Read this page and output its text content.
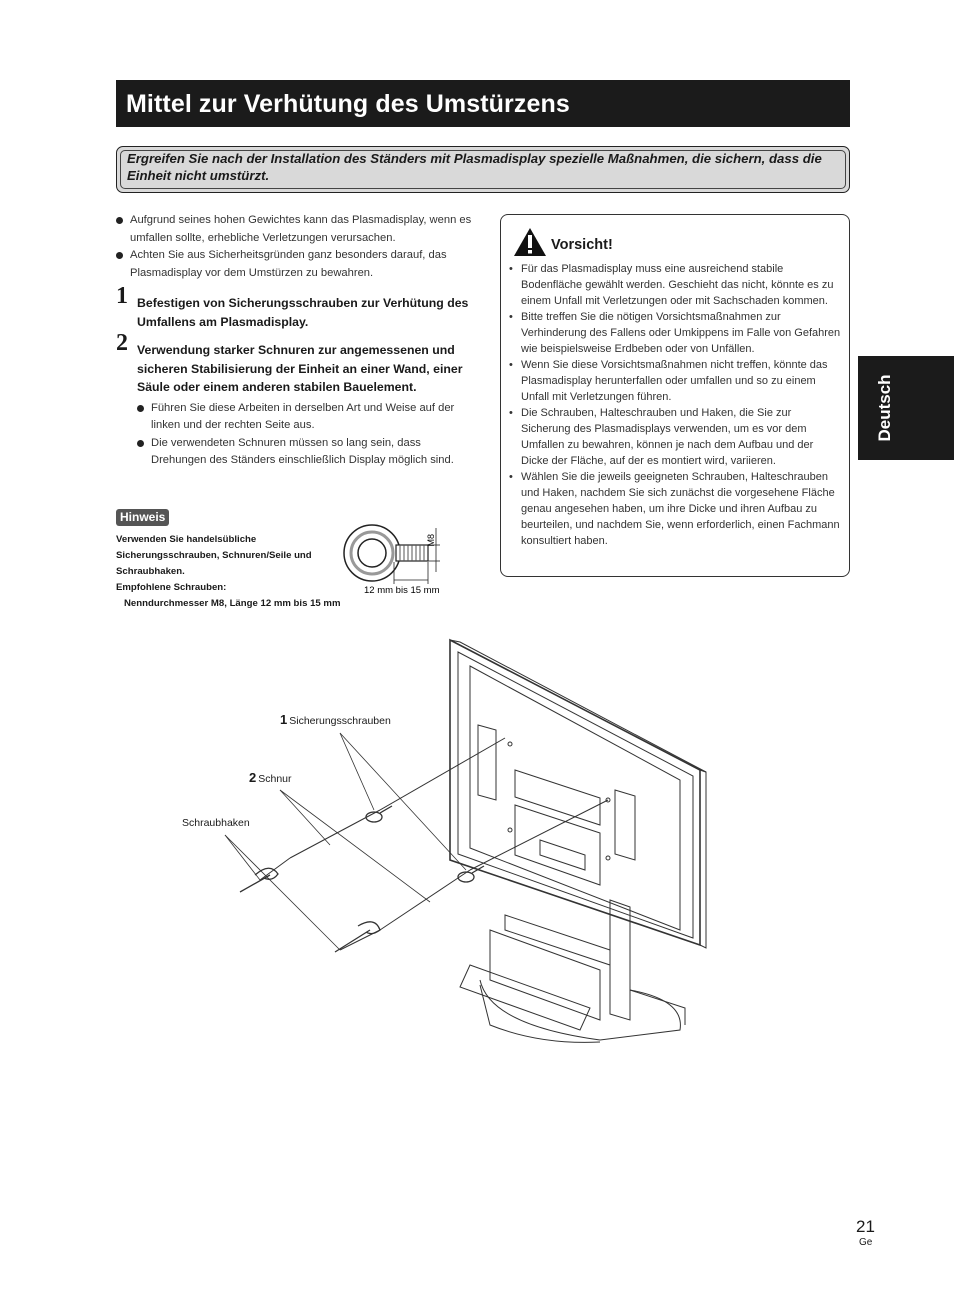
Mittel zur Verhütung des Umstürzens

Ergreifen Sie nach der Installation des Ständers mit Plasmadisplay spezielle Maßnahmen, die sichern, dass die Einheit nicht umstürzt.

Aufgrund seines hohen Gewichtes kann das Plasmadisplay, wenn es umfallen sollte, erhebliche Verletzungen verursachen.
Achten Sie aus Sicherheitsgründen ganz besonders darauf, das Plasmadisplay vor dem Umstürzen zu bewahren.
1 Befestigen von Sicherungsschrauben zur Verhütung des Umfallens am Plasmadisplay.
2 Verwendung starker Schnuren zur angemessenen und sicheren Stabilisierung der Einheit an einer Wand, einer Säule oder einem anderen stabilen Bauelement.
Führen Sie diese Arbeiten in derselben Art und Weise auf der linken und der rechten Seite aus.
Die verwendeten Schnuren müssen so lang sein, dass Drehungen des Ständers einschließlich Display möglich sind.
Hinweis
Verwenden Sie handelsübliche Sicherungsschrauben, Schnuren/Seile und Schraubhaken.
Empfohlene Schrauben:
Nenndurchmesser M8, Länge 12 mm bis 15 mm
M8
12 mm bis 15 mm
Vorsicht!
• Für das Plasmadisplay muss eine ausreichend stabile Bodenfläche gewählt werden. Geschieht das nicht, könnte es zu einem Unfall mit Verletzungen oder mit Sachschaden kommen.
• Bitte treffen Sie die nötigen Vorsichtsmaßnahmen zur Verhinderung des Fallens oder Umkippens im Falle von Gefahren wie beispielsweise Erdbeben oder von Unfällen.
• Wenn Sie diese Vorsichtsmaßnahmen nicht treffen, könnte das Plasmadisplay herunterfallen oder umfallen und so zu einem Unfall mit Verletzungen führen.
• Die Schrauben, Halteschrauben und Haken, die Sie zur Sicherung des Plasmadisplays verwenden, um es vor dem Umfallen zu bewahren, können je nach dem Aufbau und der Dicke der Fläche, auf der es montiert wird, variieren.
• Wählen Sie die jeweils geeigneten Schrauben, Halteschrauben und Haken, nachdem Sie sich zunächst die vorgesehene Fläche genau angesehen haben, um ihre Dicke und ihren Aufbau zu beurteilen, und nachdem Sie, wenn erforderlich, einen Fachmann konsultiert haben.
Deutsch
1 Sicherungsschrauben
2 Schnur
Schraubhaken
21
Ge
